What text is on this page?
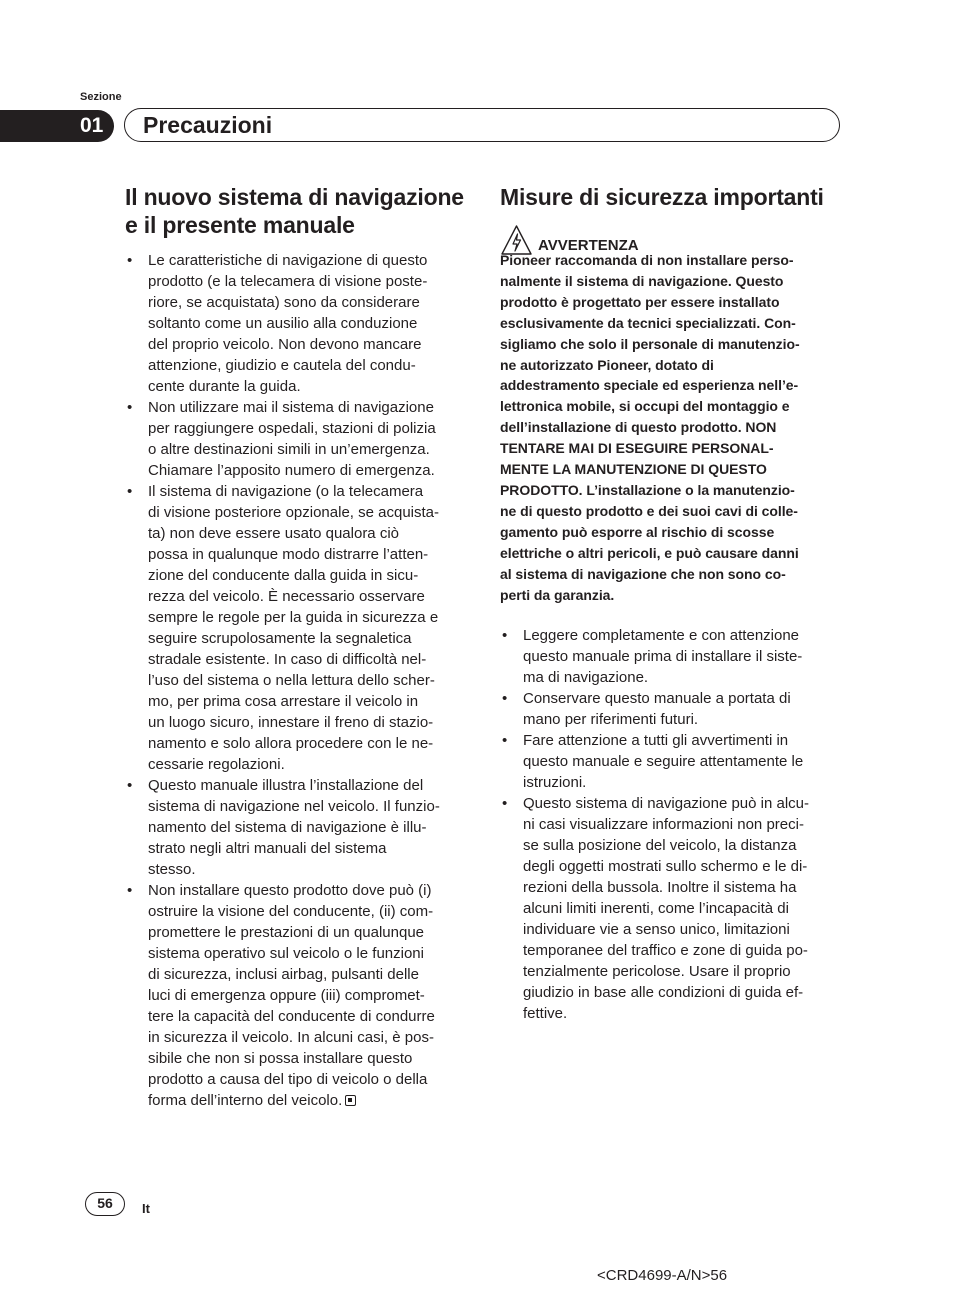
Sezione
01	Precauzioni
Il nuovo sistema di navigazione e il presente manuale
• Le caratteristiche di navigazione di questo
prodotto (e la telecamera di visione poste-
riore, se acquistata) sono da considerare
soltanto come un ausilio alla conduzione
del proprio veicolo. Non devono mancare
attenzione, giudizio e cautela del condu-
cente durante la guida.
• Non utilizzare mai il sistema di navigazione
per raggiungere ospedali, stazioni di polizia
o altre destinazioni simili in un’emergenza.
Chiamare l’apposito numero di emergenza.
• Il sistema di navigazione (o la telecamera
di visione posteriore opzionale, se acquista-
ta) non deve essere usato qualora ciò
possa in qualunque modo distrarre l’atten-
zione del conducente dalla guida in sicu-
rezza del veicolo. È necessario osservare
sempre le regole per la guida in sicurezza e
seguire scrupolosamente la segnaletica
stradale esistente. In caso di difficoltà nel-
l’uso del sistema o nella lettura dello scher-
mo, per prima cosa arrestare il veicolo in
un luogo sicuro, innestare il freno di stazio-
namento e solo allora procedere con le ne-
cessarie regolazioni.
• Questo manuale illustra l’installazione del
sistema di navigazione nel veicolo. Il funzio-
namento del sistema di navigazione è illu-
strato negli altri manuali del sistema
stesso.
• Non installare questo prodotto dove può (i)
ostruire la visione del conducente, (ii) com-
promettere le prestazioni di un qualunque
sistema operativo sul veicolo o le funzioni
di sicurezza, inclusi airbag, pulsanti delle
luci di emergenza oppure (iii) compromet-
tere la capacità del conducente di condurre
in sicurezza il veicolo. In alcuni casi, è pos-
sibile che non si possa installare questo
prodotto a causa del tipo di veicolo o della
forma dell’interno del veicolo.
Misure di sicurezza importanti
AVVERTENZA
Pioneer raccomanda di non installare perso-
nalmente il sistema di navigazione. Questo
prodotto è progettato per essere installato
esclusivamente da tecnici specializzati. Con-
sigliamo che solo il personale di manutenzio-
ne autorizzato Pioneer, dotato di
addestramento speciale ed esperienza nell’e-
lettronica mobile, si occupi del montaggio e
dell’installazione di questo prodotto. NON
TENTARE MAI DI ESEGUIRE PERSONAL-
MENTE LA MANUTENZIONE DI QUESTO
PRODOTTO. L’installazione o la manutenzio-
ne di questo prodotto e dei suoi cavi di colle-
gamento può esporre al rischio di scosse
elettriche o altri pericoli, e può causare danni
al sistema di navigazione che non sono co-
perti da garanzia.
• Leggere completamente e con attenzione
questo manuale prima di installare il siste-
ma di navigazione.
• Conservare questo manuale a portata di
mano per riferimenti futuri.
• Fare attenzione a tutti gli avvertimenti in
questo manuale e seguire attentamente le
istruzioni.
• Questo sistema di navigazione può in alcu-
ni casi visualizzare informazioni non preci-
se sulla posizione del veicolo, la distanza
degli oggetti mostrati sullo schermo e le di-
rezioni della bussola. Inoltre il sistema ha
alcuni limiti inerenti, come l’incapacità di
individuare vie a senso unico, limitazioni
temporanee del traffico e zone di guida po-
tenzialmente pericolose. Usare il proprio
giudizio in base alle condizioni di guida ef-
fettive.
56	It
<CRD4699-A/N>56
